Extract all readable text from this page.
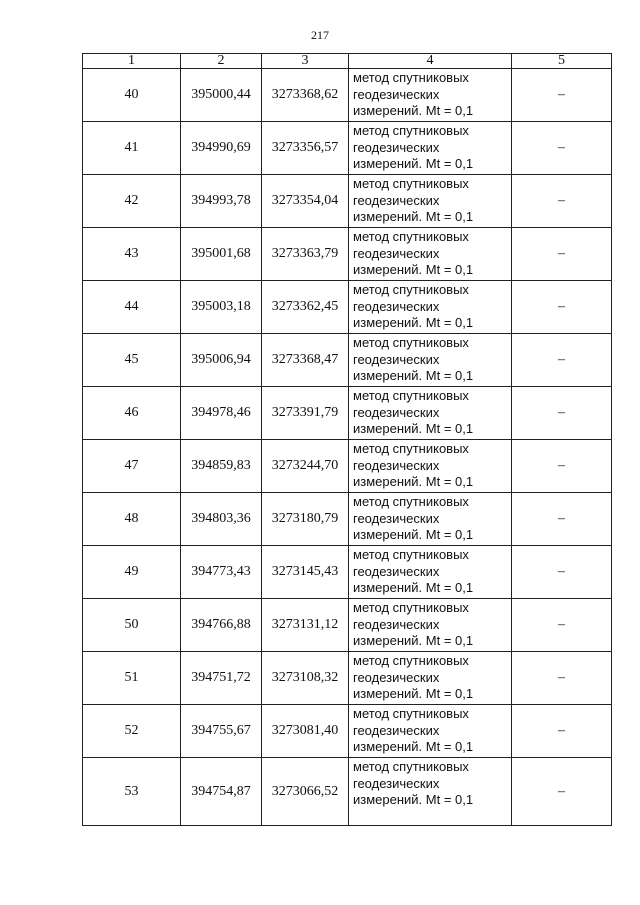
217
1	2	3	4	5
40	395000,44	3273368,62	метод спутниковых
геодезических
измерений. Mt = 0,1	–
41	394990,69	3273356,57	метод спутниковых
геодезических
измерений. Mt = 0,1	–
42	394993,78	3273354,04	метод спутниковых
геодезических
измерений. Mt = 0,1	–
43	395001,68	3273363,79	метод спутниковых
геодезических
измерений. Mt = 0,1	–
44	395003,18	3273362,45	метод спутниковых
геодезических
измерений. Mt = 0,1	–
45	395006,94	3273368,47	метод спутниковых
геодезических
измерений. Mt = 0,1	–
46	394978,46	3273391,79	метод спутниковых
геодезических
измерений. Mt = 0,1	–
47	394859,83	3273244,70	метод спутниковых
геодезических
измерений. Mt = 0,1	–
48	394803,36	3273180,79	метод спутниковых
геодезических
измерений. Mt = 0,1	–
49	394773,43	3273145,43	метод спутниковых
геодезических
измерений. Mt = 0,1	–
50	394766,88	3273131,12	метод спутниковых
геодезических
измерений. Mt = 0,1	–
51	394751,72	3273108,32	метод спутниковых
геодезических
измерений. Mt = 0,1	–
52	394755,67	3273081,40	метод спутниковых
геодезических
измерений. Mt = 0,1	–
53	394754,87	3273066,52	метод спутниковых
геодезических
измерений. Mt = 0,1	–
